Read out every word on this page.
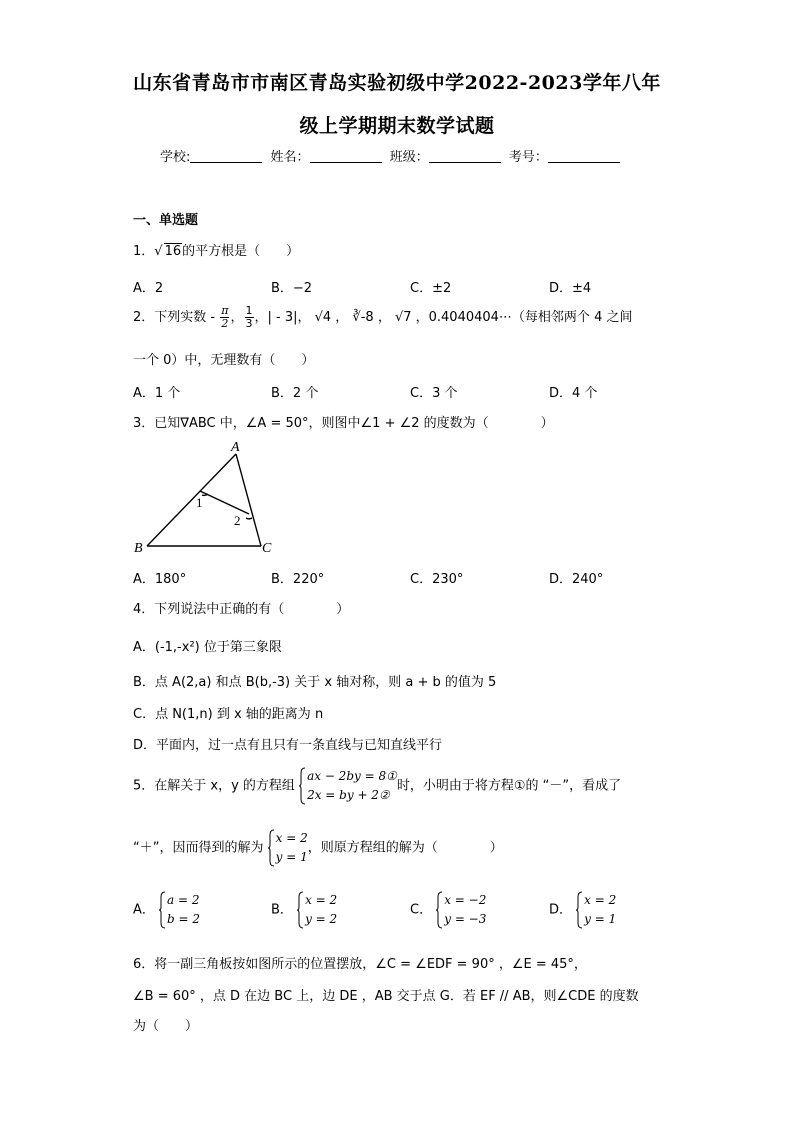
山东省青岛市市南区青岛实验初级中学2022-2023学年八年
级上学期期末数学试题
学校:	姓名：	班级：	考号：
一、单选题
1．√ 16的平方根是（　　）
A．2	B．−2	C．±2	D．±4
2．下列实数 - $\frac{\pi}{2}$ ， $\frac{1}{3}$ ，| - 3|， √4 ， ∛-8 ， √7 ，0.4040404⋯（每相邻两个 4 之间
一个 0）中，无理数有（　　）
A．1 个	B．2 个	C．3 个	D．4 个
3．已知∇ABC 中，∠A = 50°，则图中∠1 + ∠2 的度数为（　　　　）
A
B	C
1
2
A．180°	B．220°	C．230°	D．240°
4．下列说法中正确的有（　　　　）
A．(-1,-x²) 位于第三象限
B．点 A(2,a) 和点 B(b,-3) 关于 x 轴对称，则 a + b 的值为 5
C．点 N(1,n) 到 x 轴的距离为 n
D．平面内，过一点有且只有一条直线与已知直线平行
5．在解关于 x，y 的方程组
ax − 2by = 8①
2x = by + 2②
时，小明由于将方程①的 “－”，看成了
“＋”，因而得到的解为
x = 2
y = 1
，则原方程组的解为（　　　　）
A．
a = 2
b = 2
B．
x = 2
y = 2
C．
x = −2
y = −3
D．
x = 2
y = 1
6．将一副三角板按如图所示的位置摆放，∠C = ∠EDF = 90° ，∠E = 45°，
∠B = 60° ，点 D 在边 BC 上，边 DE ，AB 交于点 G．若 EF // AB，则∠CDE 的度数
为（　　）
